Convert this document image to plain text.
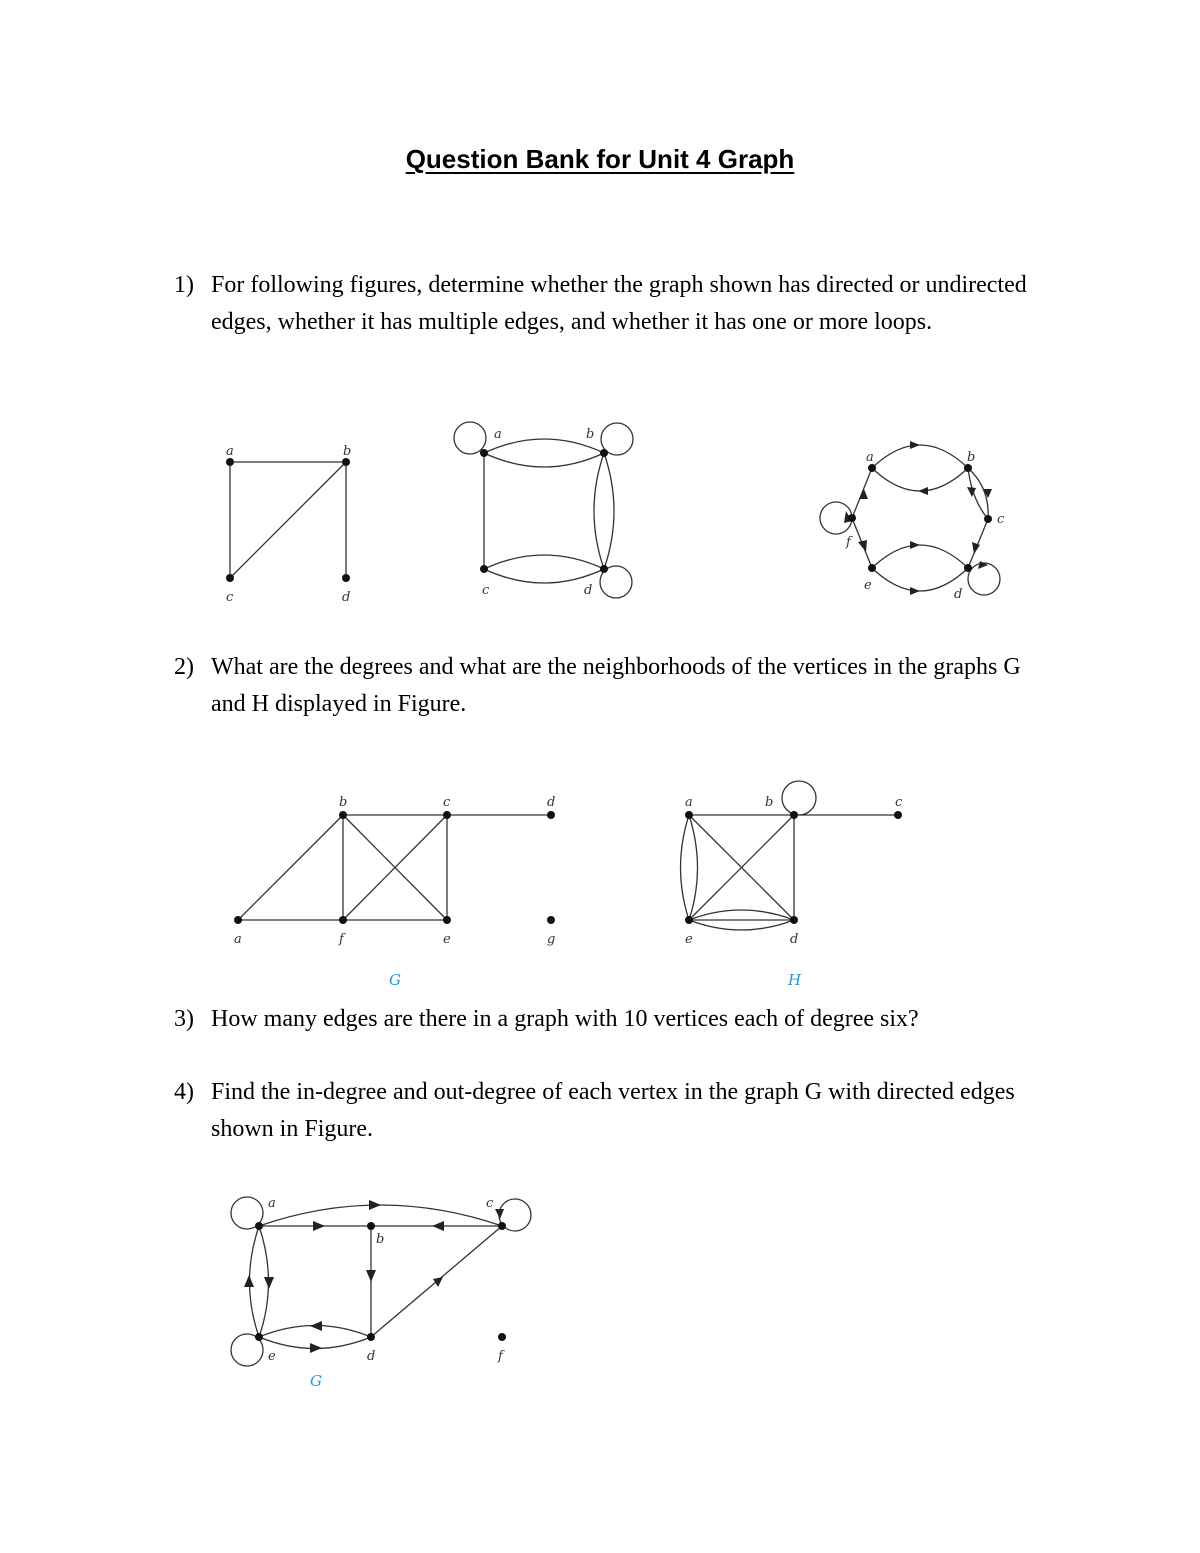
Question Bank for Unit 4 Graph
1) For following figures, determine whether the graph shown has directed or undirected edges, whether it has multiple edges, and whether it has one or more loops.
2) What are the degrees and what are the neighborhoods of the vertices in the graphs G and H displayed in Figure.
3) How many edges are there in a graph with 10 vertices each of degree six?
4) Find the in-degree and out-degree of each vertex in the graph G with directed edges shown in Figure.
a	b
c	d
a	b
c	d
a	b
c
d
e
f
a
b	c	d
e
f	g
G
a	b	c
d
e
H
a
b
c
d
e	f
G
